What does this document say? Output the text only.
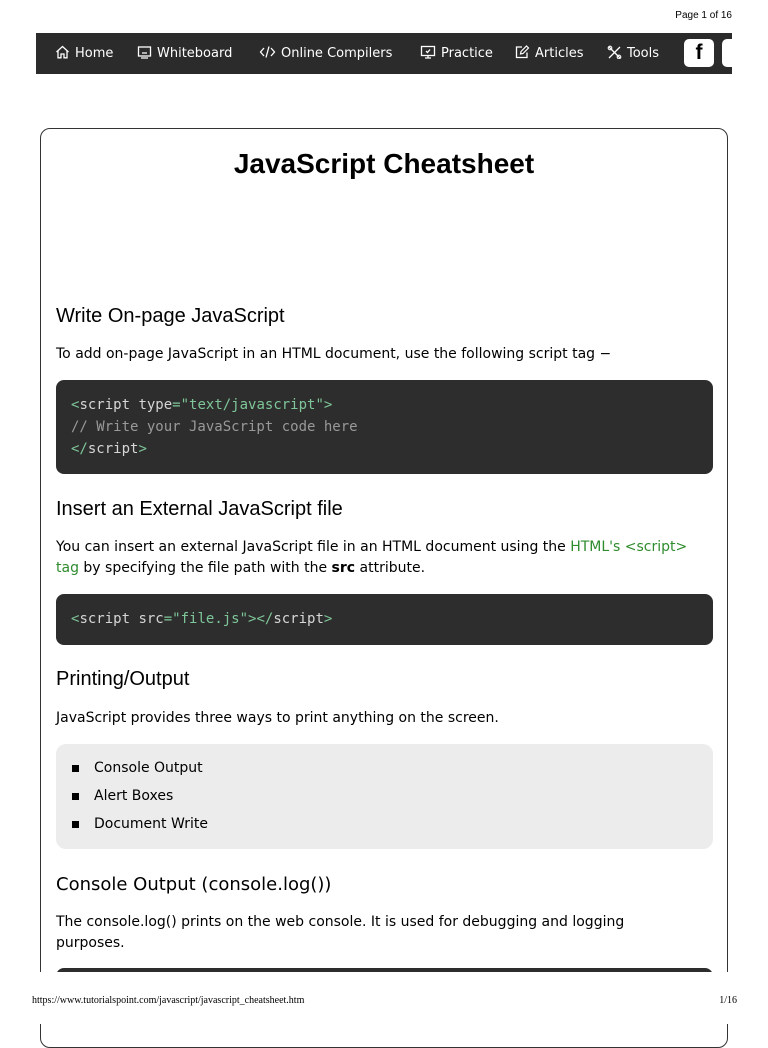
Page 1 of 16
Home	Whiteboard	Online Compilers	Practice	Articles	Tools f
JavaScript Cheatsheet
Write On-page JavaScript

To add on-page JavaScript in an HTML document, use the following script tag −

<script type="text/javascript">
// Write your JavaScript code here
</script>
Insert an External JavaScript file

You can insert an external JavaScript file in an HTML document using the HTML's <script> tag by specifying the file path with the src attribute.

<script src="file.js"></script>
Printing/Output

JavaScript provides three ways to print anything on the screen.

Console Output
Alert Boxes
Document Write
Console Output (console.log())

The console.log() prints on the web console. It is used for debugging and logging purposes.

https://www.tutorialspoint.com/javascript/javascript_cheatsheet.htm	1/16
